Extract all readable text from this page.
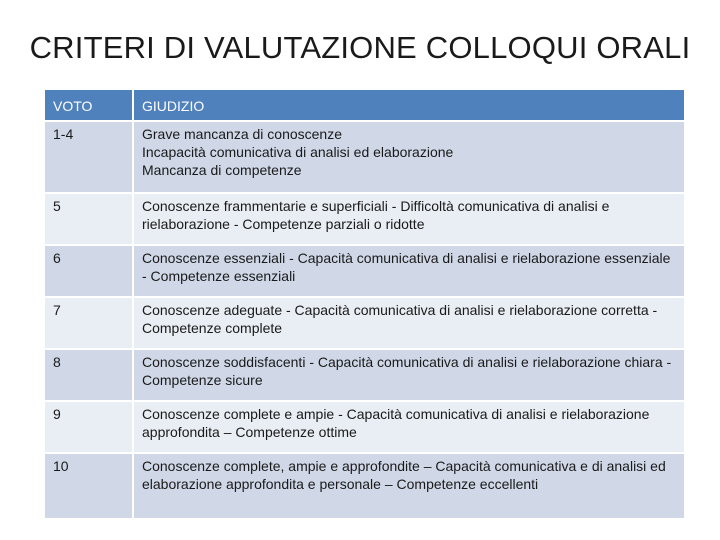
CRITERI DI VALUTAZIONE COLLOQUI ORALI
VOTO	GIUDIZIO
1-4	Grave mancanza di conoscenze
Incapacità comunicativa di analisi ed elaborazione
Mancanza di competenze

5	Conoscenze frammentarie e superficiali - Difficoltà comunicativa di analisi e rielaborazione - Competenze parziali o ridotte
6	Conoscenze essenziali - Capacità comunicativa di analisi e rielaborazione essenziale - Competenze essenziali
7	Conoscenze adeguate - Capacità comunicativa di analisi e rielaborazione corretta - Competenze complete
8	Conoscenze soddisfacenti - Capacità comunicativa di analisi e rielaborazione chiara - Competenze sicure
9	Conoscenze complete e ampie - Capacità comunicativa di analisi e rielaborazione approfondita – Competenze ottime
10	Conoscenze complete, ampie e approfondite – Capacità comunicativa e di analisi ed elaborazione approfondita e personale – Competenze eccellenti
